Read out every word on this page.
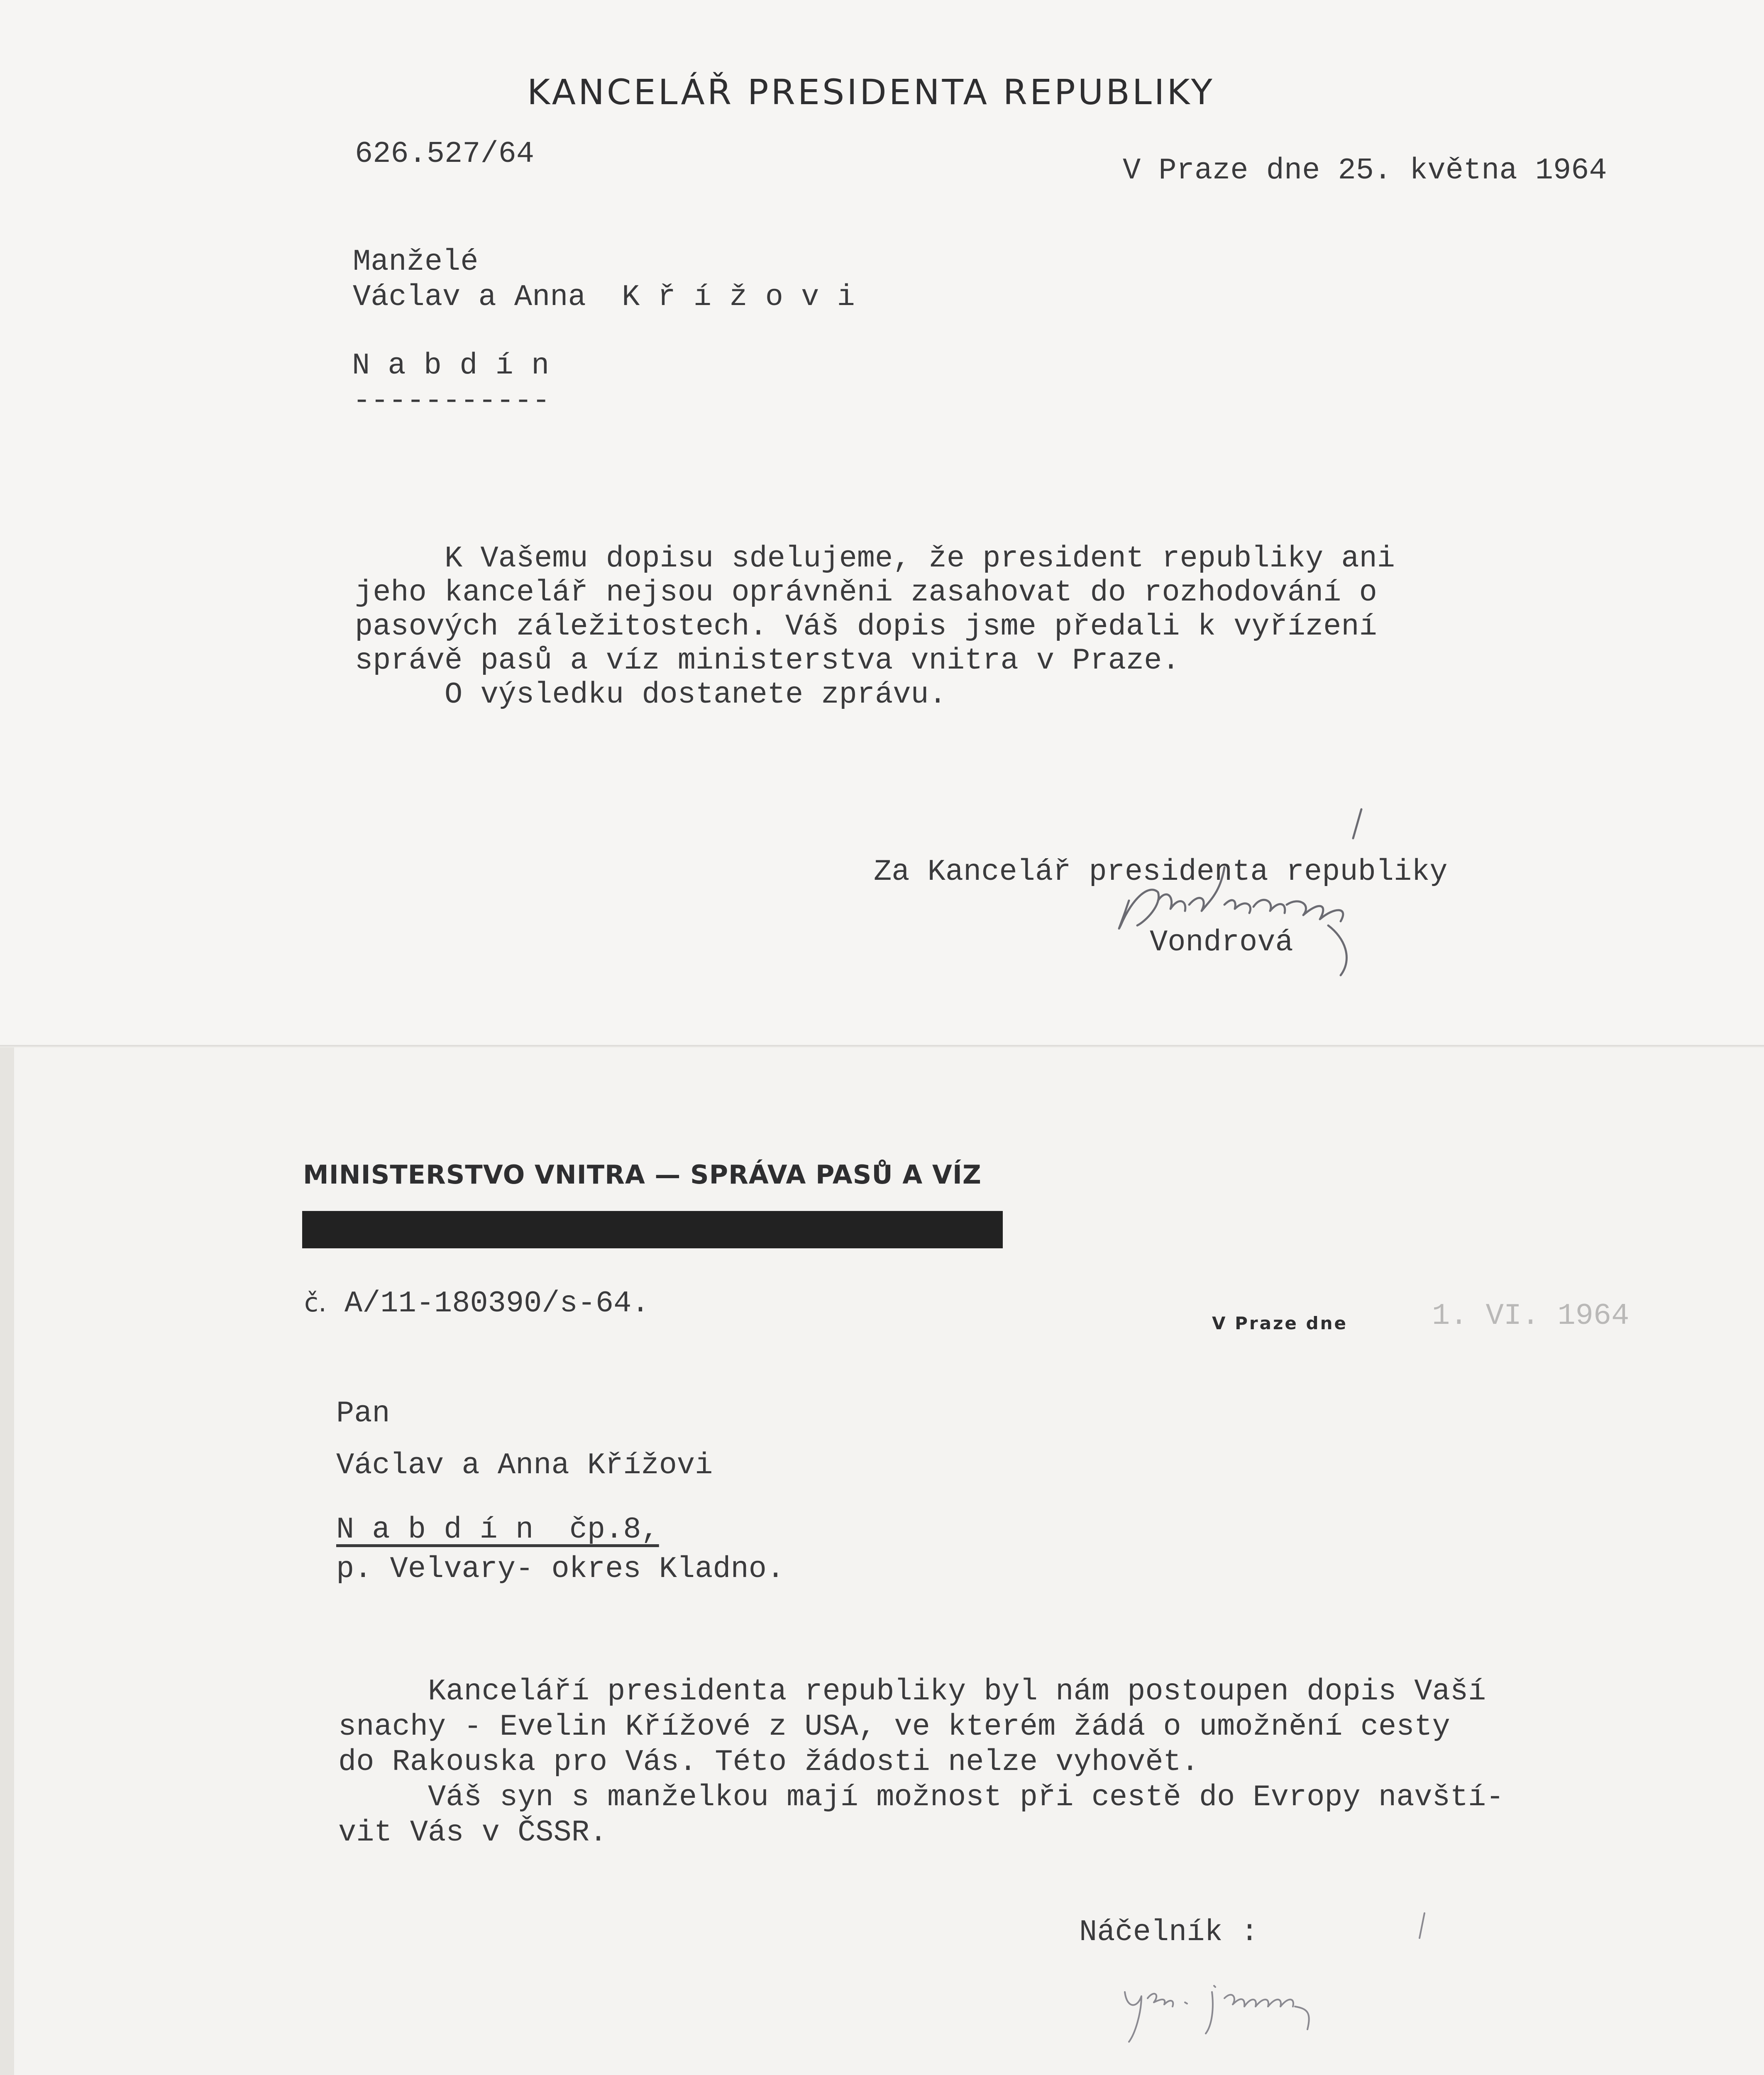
KANCELÁŘ PRESIDENTA REPUBLIKY
626.527/64	V Praze dne 25. května 1964
Manželé
Václav a Anna  K ř í ž o v i
N a b d í n
-----------
K Vašemu dopisu sdelujeme, že president republiky ani
jeho kancelář nejsou oprávněni zasahovat do rozhodování o
pasových záležitostech. Váš dopis jsme předali k vyřízení
správě pasů a víz ministerstva vnitra v Praze.
O výsledku dostanete zprávu.
Za Kancelář presidenta republiky
Vondrová
MINISTERSTVO VNITRA — SPRÁVA PASŮ A VÍZ
č. A/11-180390/s-64.
V Praze dne	1. VI. 1964
Pan
Václav a Anna Křížovi
N a b d í n  čp.8,
p. Velvary- okres Kladno.
Kanceláří presidenta republiky byl nám postoupen dopis Vaší
snachy - Evelin Křížové z USA, ve kterém žádá o umožnění cesty
do Rakouska pro Vás. Této žádosti nelze vyhovět.
Váš syn s manželkou mají možnost při cestě do Evropy navští-
vit Vás v ČSSR.
Náčelník :
